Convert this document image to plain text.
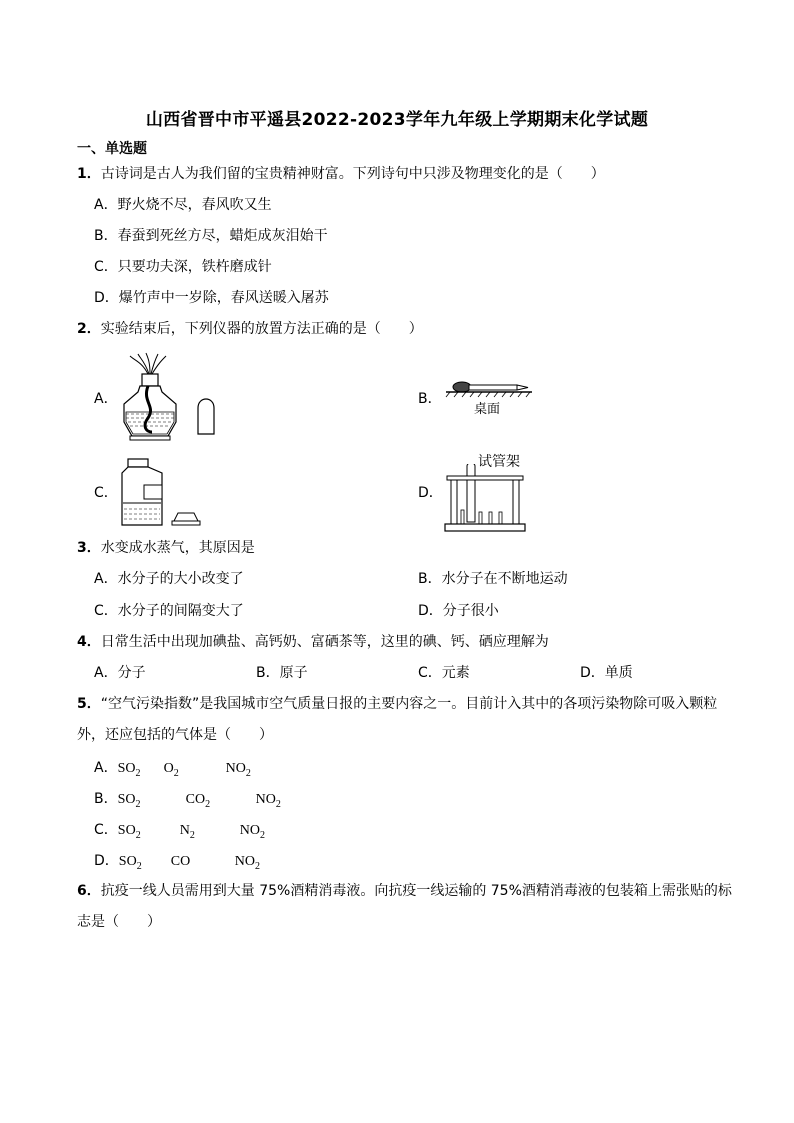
山西省晋中市平遥县2022-2023学年九年级上学期期末化学试题
一、单选题
1．古诗词是古人为我们留的宝贵精神财富。下列诗句中只涉及物理变化的是（　　）
A．野火烧不尽，春风吹又生
B．春蚕到死丝方尽，蜡炬成灰泪始干
C．只要功夫深，铁杵磨成针
D．爆竹声中一岁除，春风送暖入屠苏
2．实验结束后，下列仪器的放置方法正确的是（　　）
A．	B．
桌面
C．	D．
试管架
3．水变成水蒸气，其原因是
A．水分子的大小改变了	B．水分子在不断地运动
C．水分子的间隔变大了	D．分子很小
4．日常生活中出现加碘盐、高钙奶、富硒茶等，这里的碘、钙、硒应理解为
A．分子	B．原子	C．元素	D．单质
5．“空气污染指数”是我国城市空气质量日报的主要内容之一。目前计入其中的各项污染物除可吸入颗粒外，还应包括的气体是（　　）
A．$SO_2$ $O_2$	$NO_2$
B．$SO_2$	$CO_2$	$NO_2$
C．$SO_2$	$N_2$	$NO_2$
D．$SO_2$ CO	$NO_2$
6．抗疫一线人员需用到大量 75%酒精消毒液。向抗疫一线运输的 75%酒精消毒液的包装箱上需张贴的标志是（　　）
